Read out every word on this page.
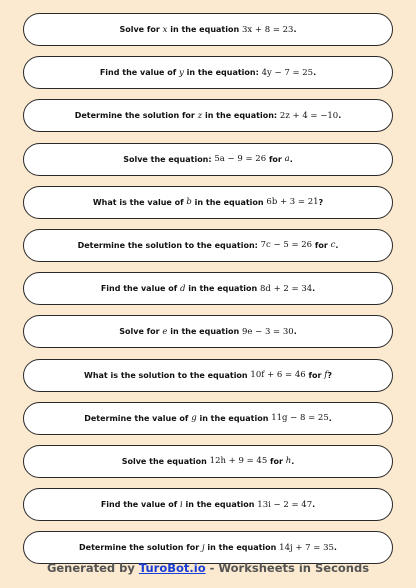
Solve for
x
in the equation
3x + 8 = 23 .
Find the value of
y
in the equation:
4y − 7 = 25 .
Determine the solution for
z
in the equation:
2z + 4 = −10 .
Solve the equation:
5a − 9 = 26
for
a .
What is the value of
b
in the equation
6b + 3 = 21 ?
Determine the solution to the equation:
7c − 5 = 26
for
c .
Find the value of
d
in the equation
8d + 2 = 34 .
Solve for
e
in the equation
9e − 3 = 30 .
What is the solution to the equation
10f + 6 = 46
for
f ?
Determine the value of
g
in the equation
11g − 8 = 25 .
Solve the equation
12h + 9 = 45
for
h .
Find the value of
i
in the equation
13i − 2 = 47 .
Determine the solution for
j
in the equation
14j + 7 = 35 .
Generated by TuroBot.io - Worksheets in Seconds
